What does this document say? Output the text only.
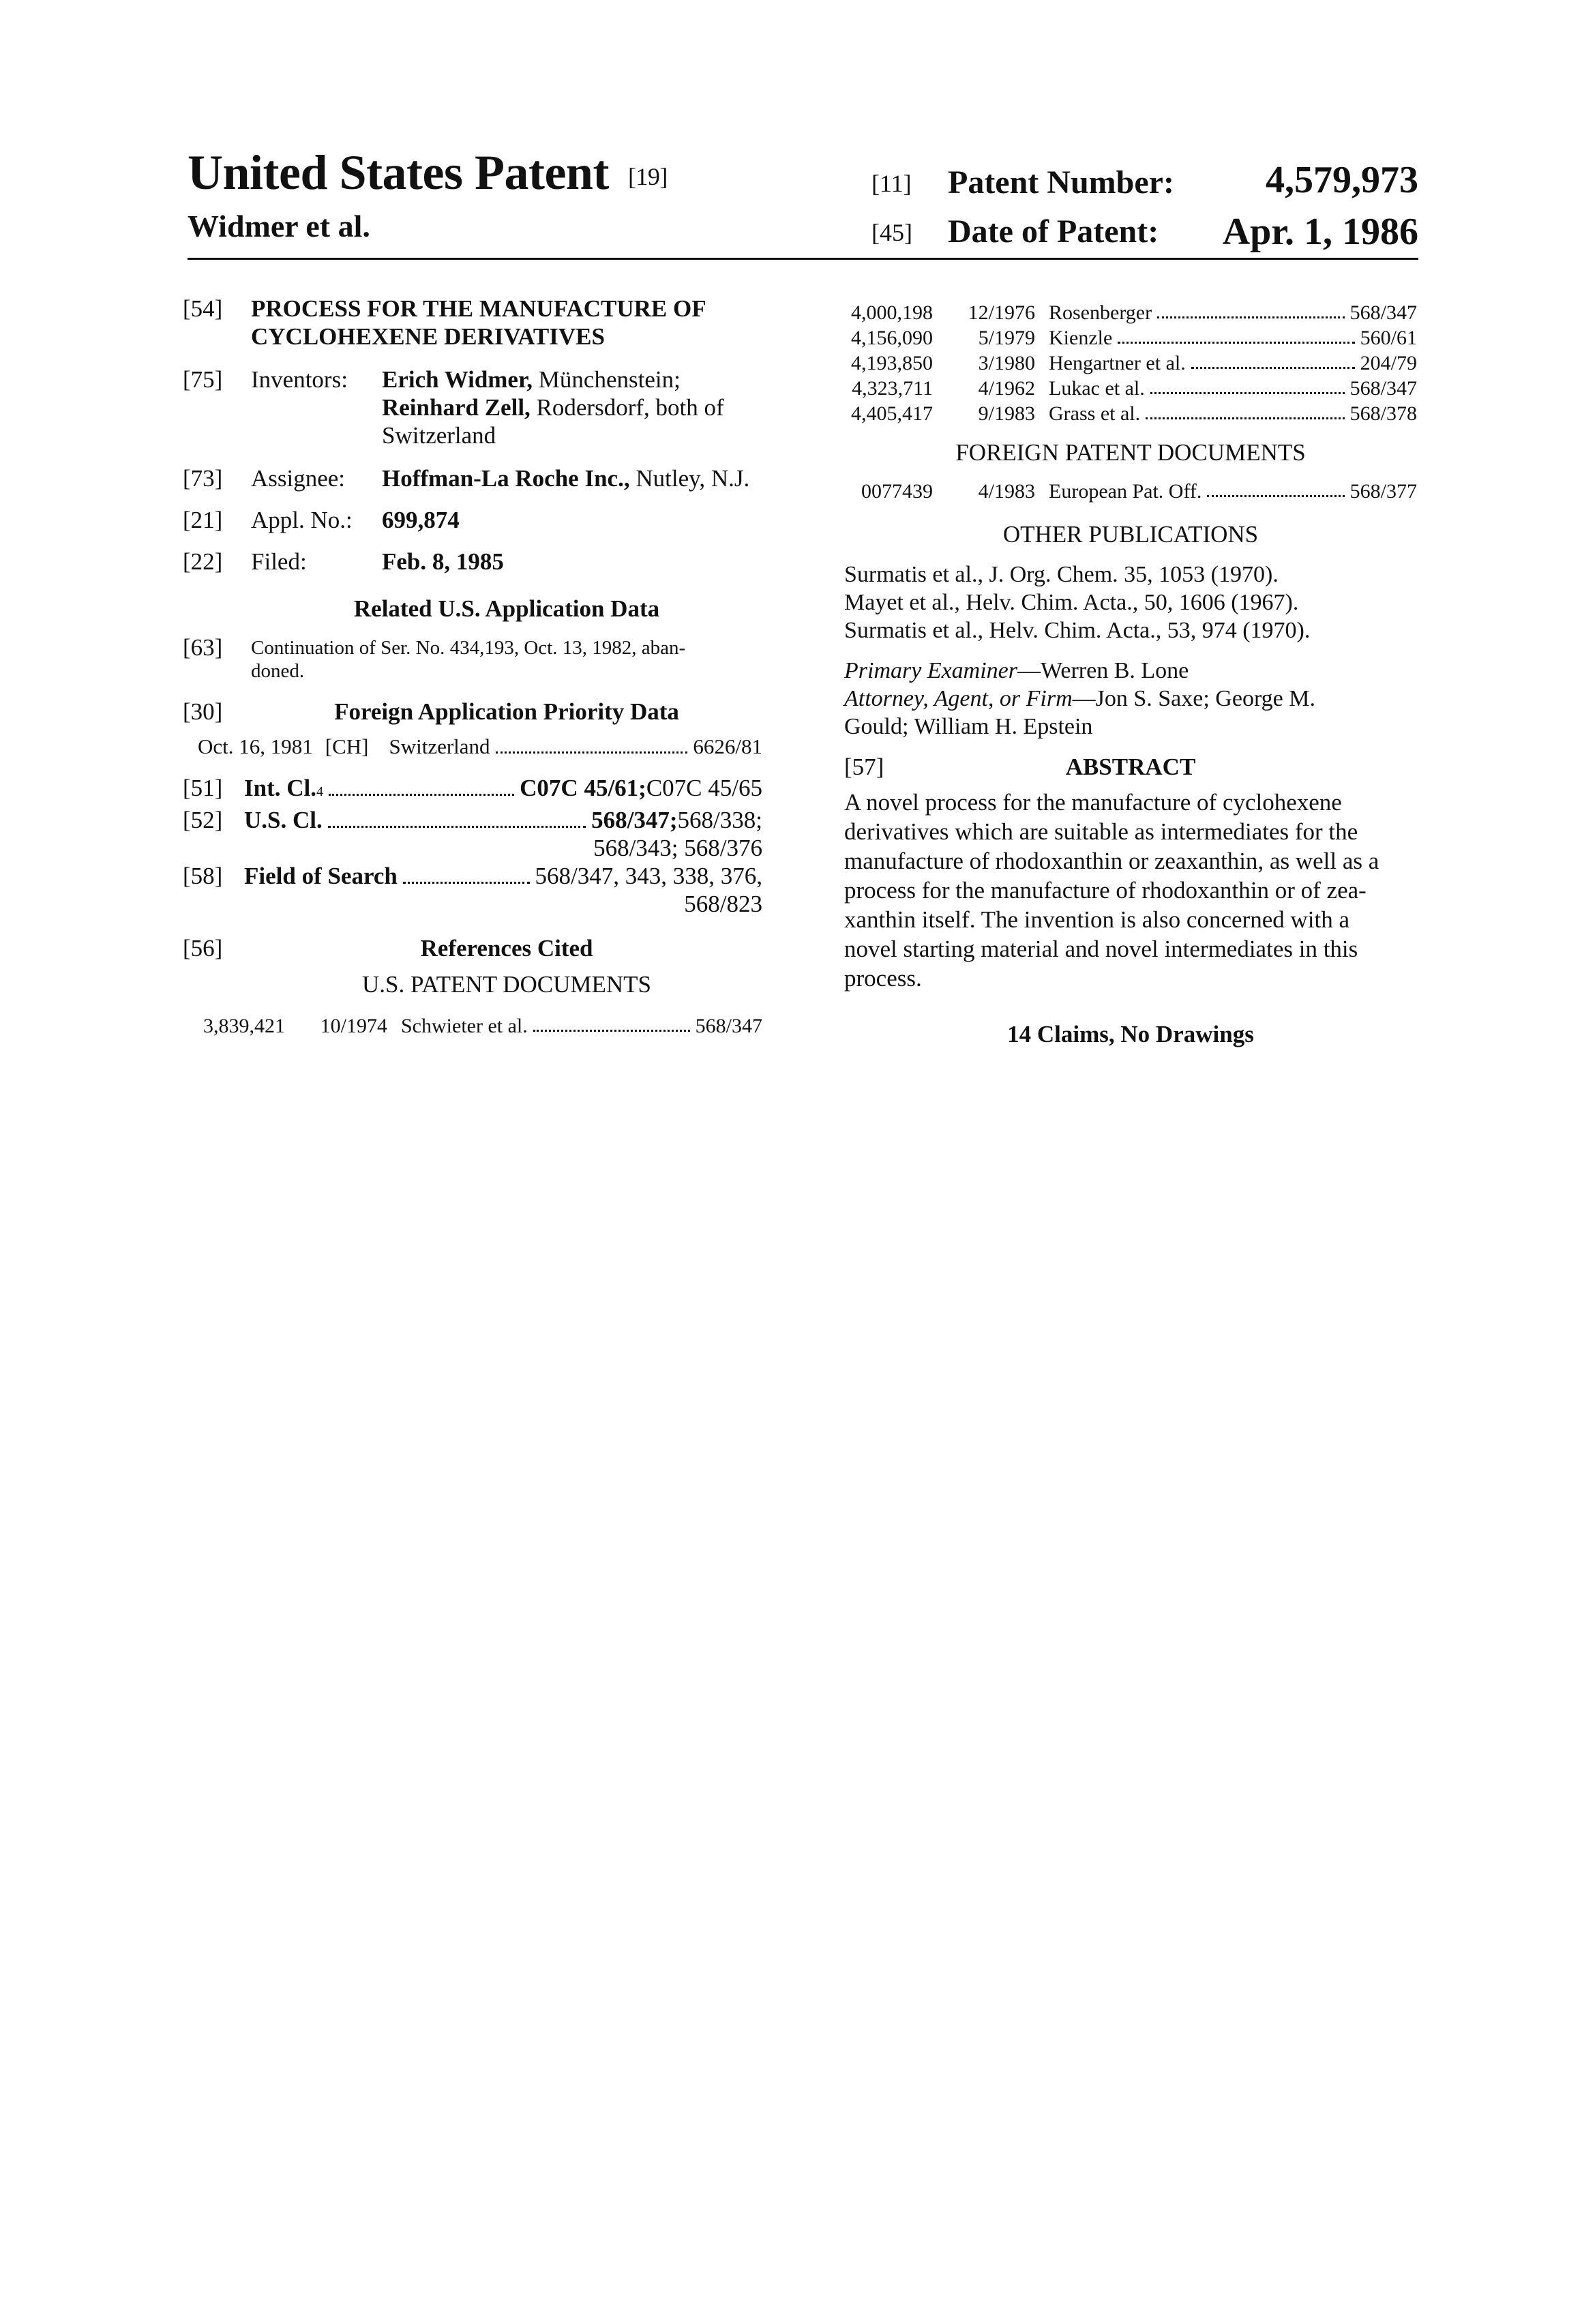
United States Patent [19]
Widmer et al.
[11] Patent Number: 4,579,973
[45] Date of Patent: Apr. 1, 1986
[54]	PROCESS FOR THE MANUFACTURE OF
CYCLOHEXENE DERIVATIVES
[75]	Inventors:	Erich Widmer, Münchenstein;
Reinhard Zell, Rodersdorf, both of
Switzerland
[73]	Assignee:	Hoffman-La Roche Inc., Nutley, N.J.
[21]	Appl. No.:	699,874
[22]	Filed:	Feb. 8, 1985
Related U.S. Application Data
[63]	Continuation of Ser. No. 434,193, Oct. 13, 1982, aban-
doned.
[30]	Foreign Application Priority Data
Oct. 16, 1981 [CH] Switzerland	6626/81
[51] Int. Cl. 4	C07C 45/61; C07C 45/65
[52] U.S. Cl.	568/347; 568/338;
568/343; 568/376
[58] Field of Search	568/347, 343, 338, 376,
568/823
[56]	References Cited
U.S. PATENT DOCUMENTS
3,839,421	10/1974 Schwieter et al.	568/347
4,000,198	12/1976 Rosenberger	568/347
4,156,090	5/1979 Kienzle	560/61
4,193,850	3/1980 Hengartner et al.	204/79
4,323,711	4/1962 Lukac et al.	568/347
4,405,417	9/1983 Grass et al.	568/378
FOREIGN PATENT DOCUMENTS
0077439	4/1983 European Pat. Off.	568/377
OTHER PUBLICATIONS
Surmatis et al., J. Org. Chem. 35, 1053 (1970).
Mayet et al., Helv. Chim. Acta., 50, 1606 (1967).
Surmatis et al., Helv. Chim. Acta., 53, 974 (1970).
Primary Examiner—Werren B. Lone
Attorney, Agent, or Firm—Jon S. Saxe; George M.
Gould; William H. Epstein
[57]	ABSTRACT
A novel process for the manufacture of cyclohexene
derivatives which are suitable as intermediates for the
manufacture of rhodoxanthin or zeaxanthin, as well as a
process for the manufacture of rhodoxanthin or of zea-
xanthin itself. The invention is also concerned with a
novel starting material and novel intermediates in this
process.
14 Claims, No Drawings
